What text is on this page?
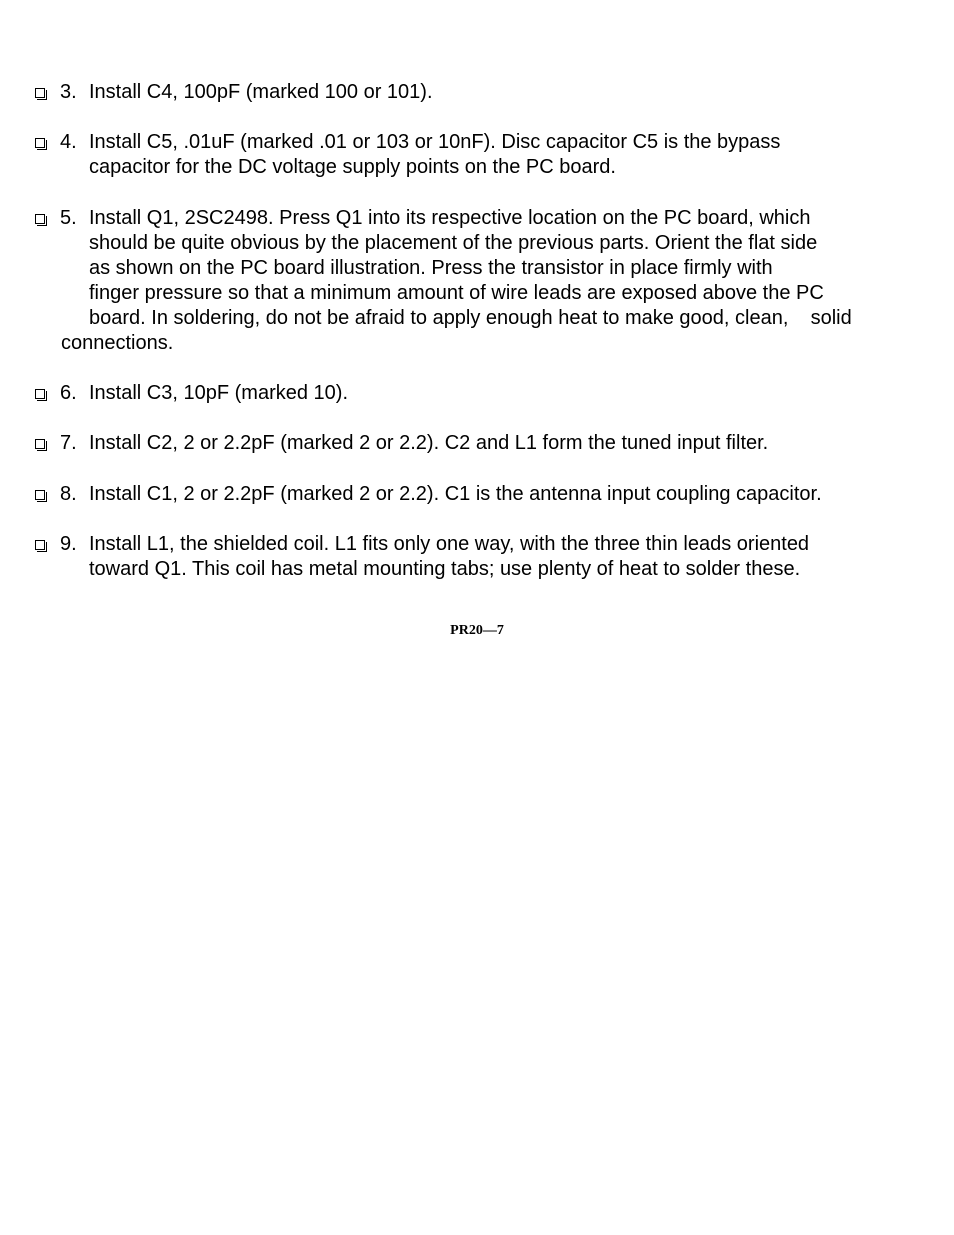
3. Install C4, 100pF (marked 100 or 101).
4. Install C5, .01uF (marked .01 or 103 or 10nF). Disc capacitor C5 is the bypass
capacitor for the DC voltage supply points on the PC board.
5. Install Q1, 2SC2498. Press Q1 into its respective location on the PC board, which
should be quite obvious by the placement of the previous parts. Orient the flat side
as shown on the PC board illustration. Press the transistor in place firmly with
finger pressure so that a minimum amount of wire leads are exposed above the PC
board. In soldering, do not be afraid to apply enough heat to make good, clean,    solid
connections.
6. Install C3, 10pF (marked 10).
7. Install C2, 2 or 2.2pF (marked 2 or 2.2). C2 and L1 form the tuned input filter.
8. Install C1, 2 or 2.2pF (marked 2 or 2.2). C1 is the antenna input coupling capacitor.
9. Install L1, the shielded coil. L1 fits only one way, with the three thin leads oriented
toward Q1. This coil has metal mounting tabs; use plenty of heat to solder these.
PR20—7
